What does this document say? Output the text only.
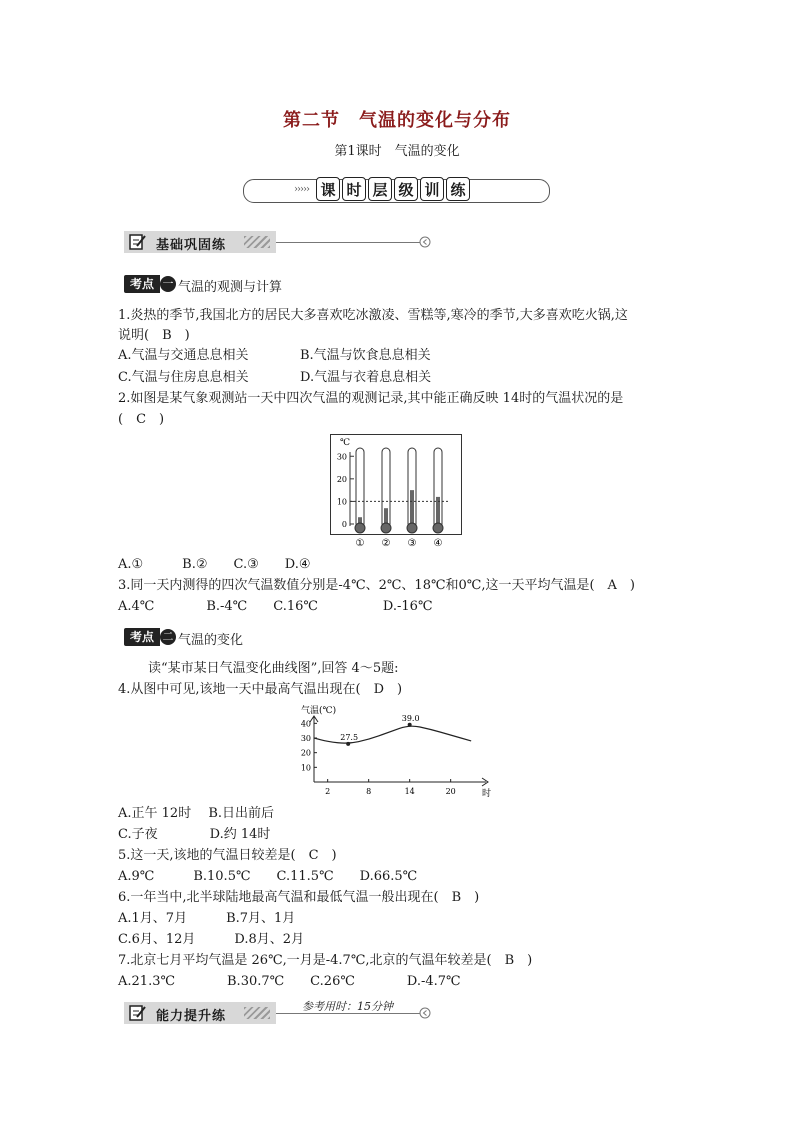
第二节　气温的变化与分布
第1课时　气温的变化
››››› 课 时 层 级 训 练
基础巩固练
考点 一 气温的观测与计算
1.炎热的季节,我国北方的居民大多喜欢吃冰激凌、雪糕等,寒冷的季节,大多喜欢吃火锅,这
说明(　B　)
A.气温与交通息息相关	B.气温与饮食息息相关
C.气温与住房息息相关	D.气温与衣着息息相关
2.如图是某气象观测站一天中四次气温的观测记录,其中能正确反映 14时的气温状况的是
(　C　)
℃
30
20
10
0
① ② ③ ④
A.①　　　B.②　　C.③　　D.④
3.同一天内测得的四次气温数值分别是-4℃、2℃、18℃和0℃,这一天平均气温是(　A　)
A.4℃　　　　B.-4℃　　C.16℃　　　　　D.-16℃
考点 二 气温的变化
读“某市某日气温变化曲线图”,回答 4～5题:
4.从图中可见,该地一天中最高气温出现在(　D　)
气温(℃)
时
40
30
20
10
2	8	14	20
27.5
39.0
A.正午 12时　 B.日出前后
C.子夜　　　　D.约 14时
5.这一天,该地的气温日较差是(　C　)
A.9℃　　　B.10.5℃　　C.11.5℃　　D.66.5℃
6.一年当中,北半球陆地最高气温和最低气温一般出现在(　B　)
A.1月、7月　　　B.7月、1月
C.6月、12月　　　D.8月、2月
7.北京七月平均气温是 26℃,一月是-4.7℃,北京的气温年较差是(　B　)
A.21.3℃　　　　B.30.7℃　　C.26℃　　　　D.-4.7℃
能力提升练
参考用时：15分钟
